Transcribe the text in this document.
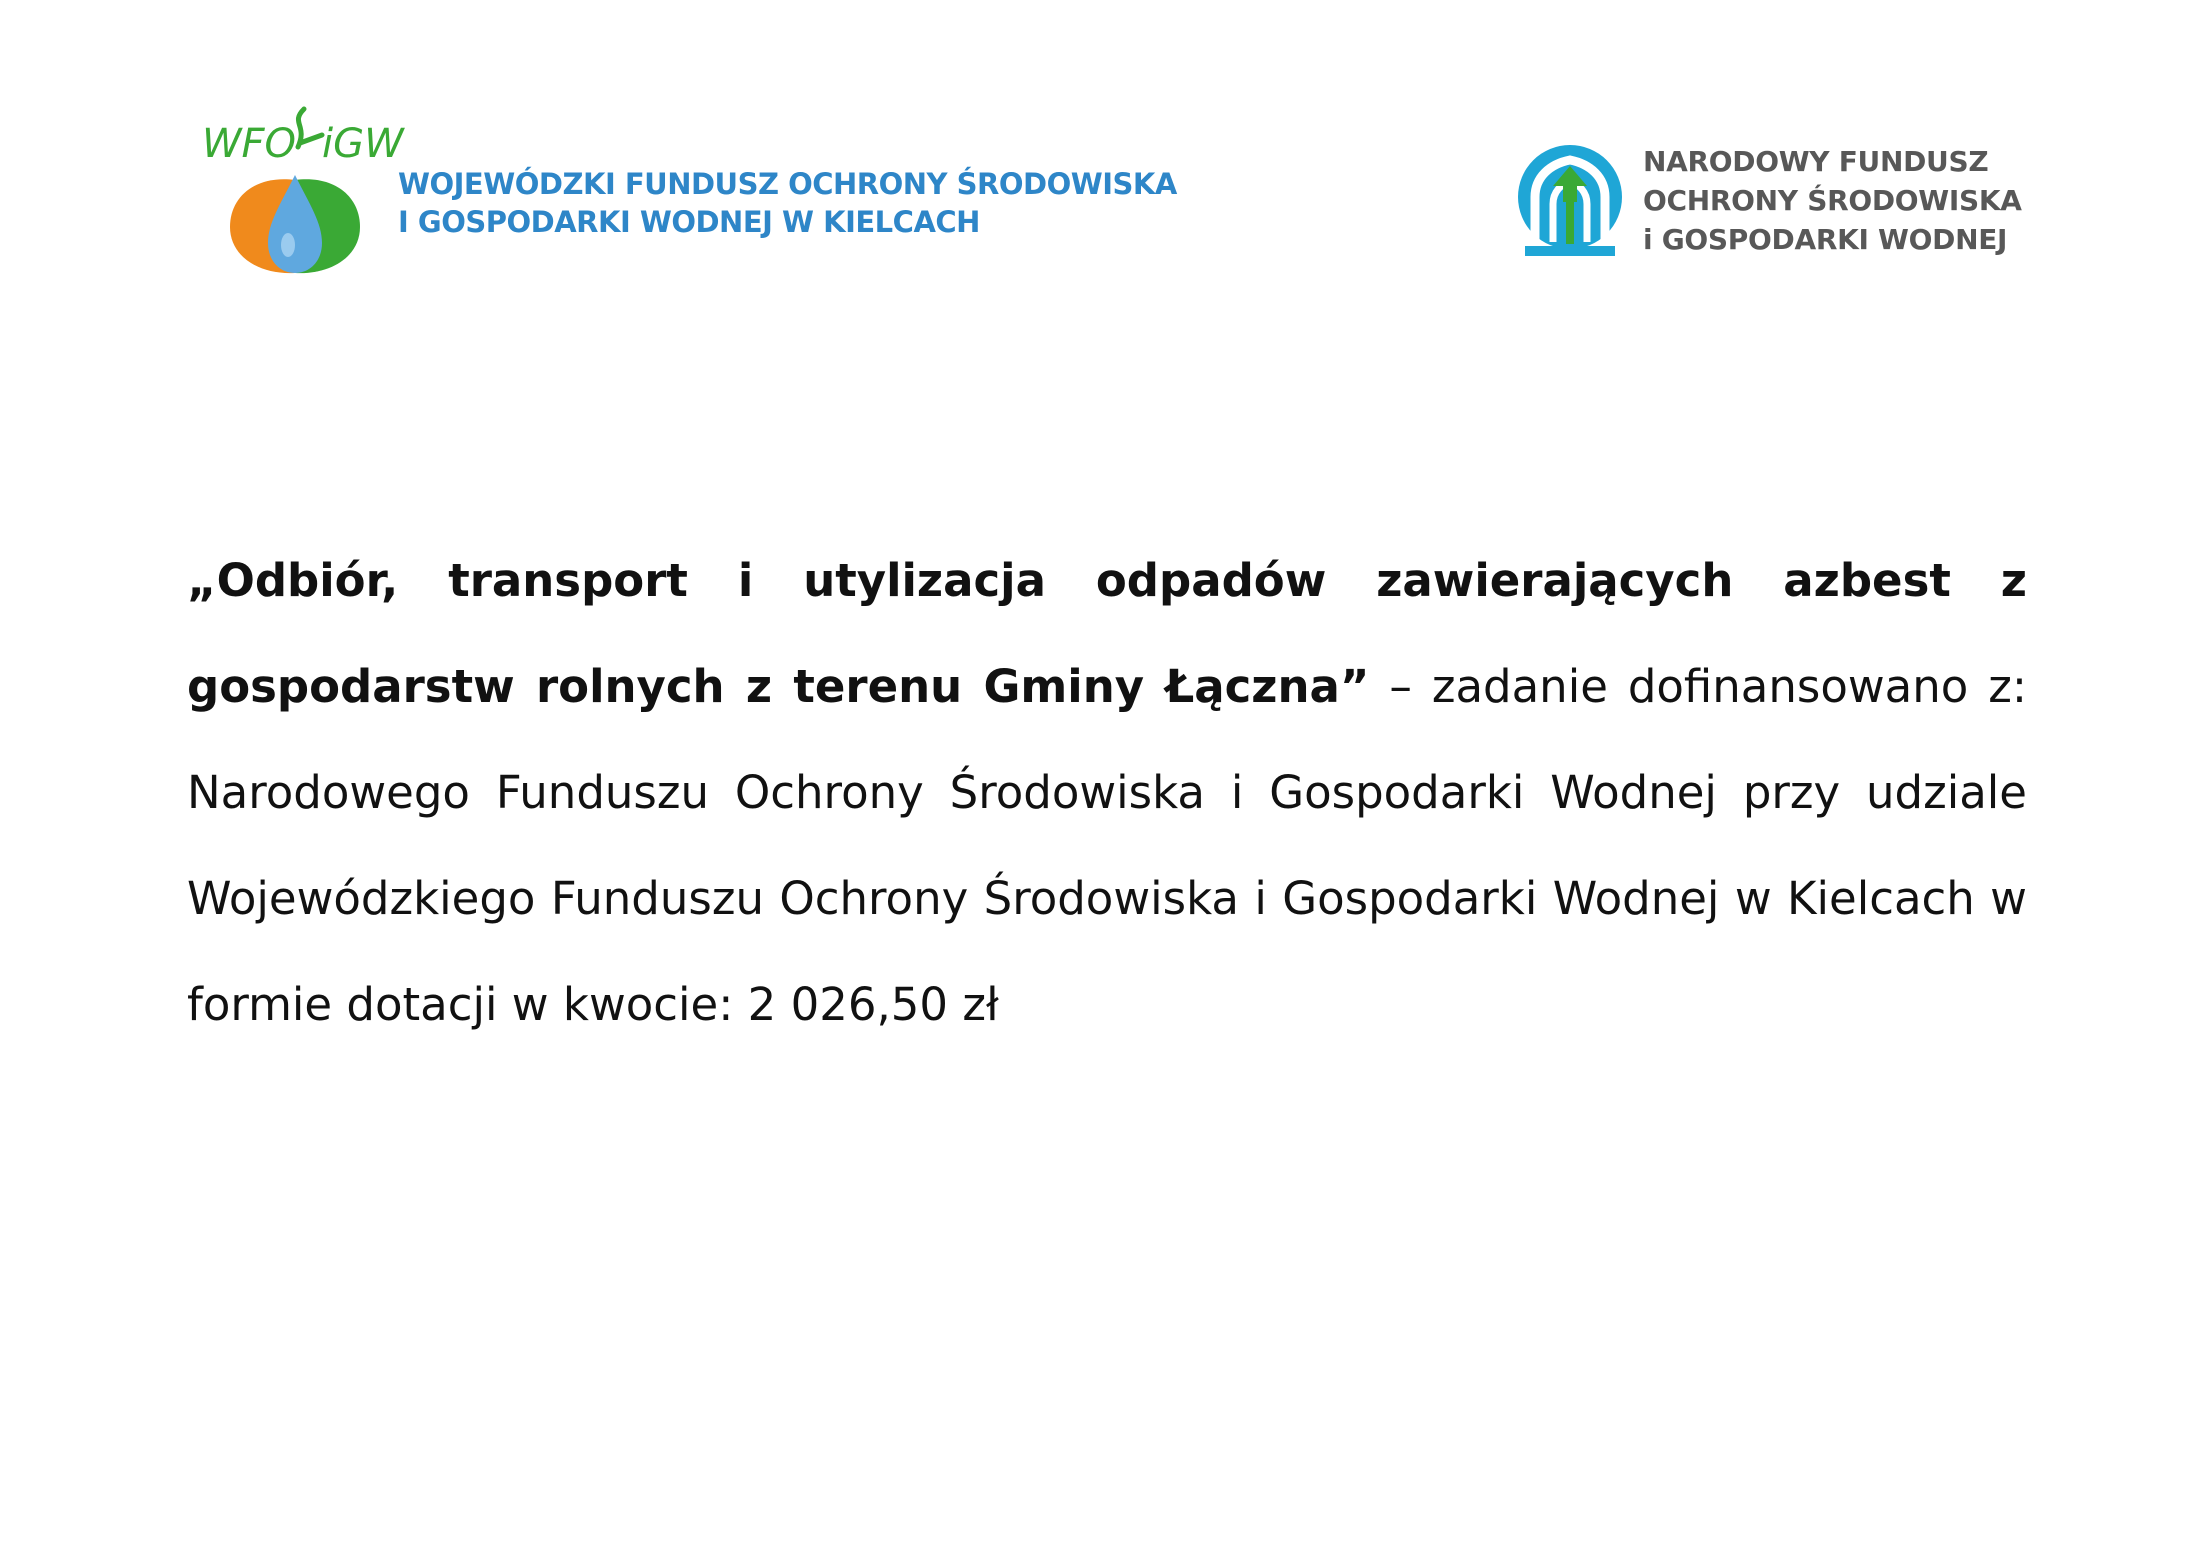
WFO iGW
WOJEWÓDZKI FUNDUSZ OCHRONY ŚRODOWISKA
I GOSPODARKI WODNEJ W KIELCACH
NARODOWY FUNDUSZ
OCHRONY ŚRODOWISKA
i GOSPODARKI WODNEJ

„Odbiór, transport i utylizacja odpadów zawierających azbest z gospodarstw rolnych z terenu Gminy Łączna” – zadanie dofinansowano z: Narodowego Funduszu Ochrony Środowiska i Gospodarki Wodnej przy udziale Wojewódzkiego Funduszu Ochrony Środowiska i Gospodarki Wodnej w Kielcach w formie dotacji w kwocie: 2 026,50 zł
